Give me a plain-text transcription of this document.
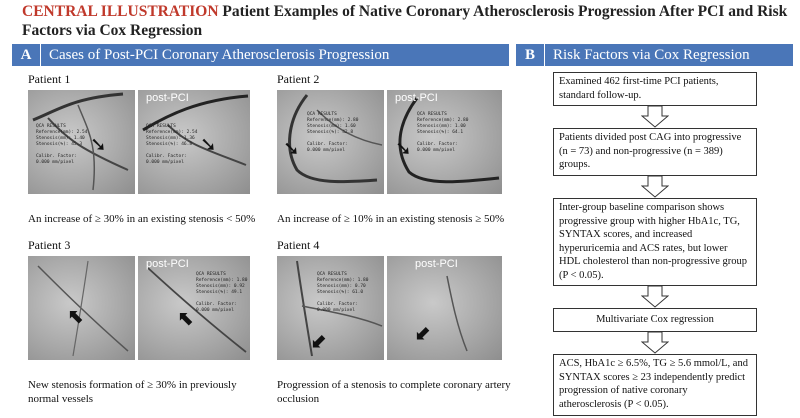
CENTRAL ILLUSTRATION Patient Examples of Native Coronary Atherosclerosis Progression After PCI and Risk Factors via Cox Regression
A Cases of Post-PCI Coronary Atherosclerosis Progression	B Risk Factors via Cox Regression
Patient 1
QCA RESULTS
Reference(mm): 2.54
Stenosis(mm): 1.40
Stenosis(%): 45.3

Calibr. Factor:
0.000 mm/pixel
➘
post-PCI
QCA RESULTS
Reference(mm): 2.54
Stenosis(mm): 1.36
Stenosis(%): 46.8

Calibr. Factor:
0.000 mm/pixel
➘
An increase of ≥ 30% in an existing stenosis < 50%
Patient 2
QCA RESULTS
Reference(mm): 2.80
Stenosis(mm): 1.60
Stenosis(%): 42.8

Calibr. Factor:
0.000 mm/pixel
➘
post-PCI
QCA RESULTS
Reference(mm): 2.80
Stenosis(mm): 1.00
Stenosis(%): 64.1

Calibr. Factor:
0.000 mm/pixel
➘
An increase of ≥ 10% in an existing stenosis ≥ 50%
Patient 3
⬉
post-PCI
QCA RESULTS
Reference(mm): 1.80
Stenosis(mm): 0.92
Stenosis(%): 49.1

Calibr. Factor:
0.000 mm/pixel
⬉
New stenosis formation of ≥ 30% in previously normal vessels
Patient 4
QCA RESULTS
Reference(mm): 1.80
Stenosis(mm): 0.70
Stenosis(%): 61.0

Calibr. Factor:
0.000 mm/pixel
⬋
post-PCI
⬋
Progression of a stenosis to complete coronary artery occlusion
Examined 462 first-time PCI patients, standard follow-up.
Patients divided post CAG into progressive (n = 73) and non-progressive (n = 389) groups.
Inter-group baseline comparison shows progressive group with higher HbA1c, TG, SYNTAX scores, and increased hyperuricemia and ACS rates, but lower HDL cholesterol than non-progressive group (P < 0.05).
Multivariate Cox regression
ACS, HbA1c ≥ 6.5%, TG ≥ 5.6 mmol/L, and SYNTAX scores ≥ 23 independently predict progression of native coronary atherosclerosis (P < 0.05).
